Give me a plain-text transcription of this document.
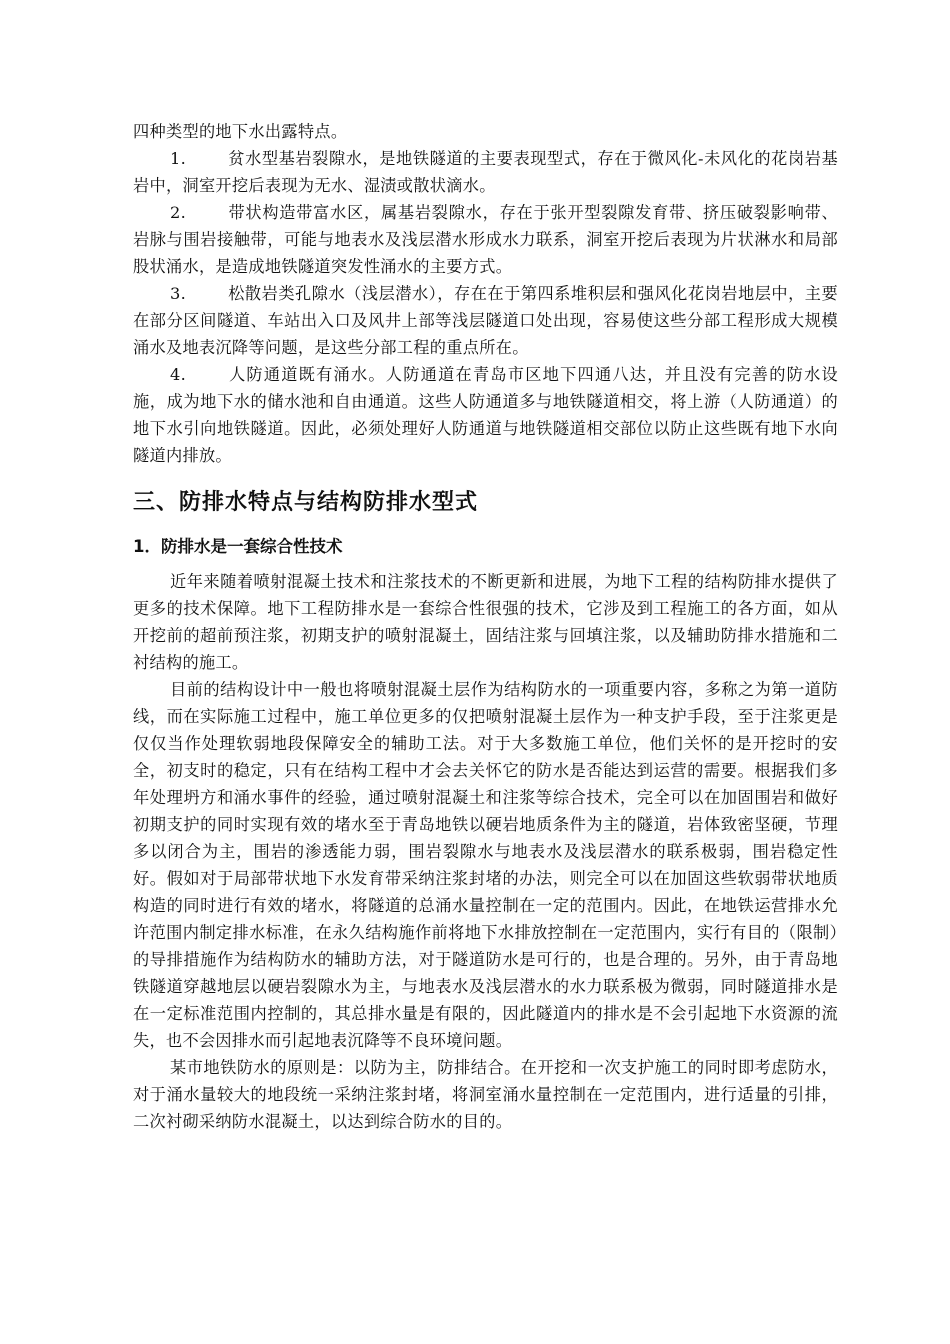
四种类型的地下水出露特点。

1.	贫水型基岩裂隙水，是地铁隧道的主要表现型式，存在于微风化-未风化的花岗岩基岩中，洞室开挖后表现为无水、湿渍或散状滴水。

2.	带状构造带富水区，属基岩裂隙水，存在于张开型裂隙发育带、挤压破裂影响带、岩脉与围岩接触带，可能与地表水及浅层潜水形成水力联系，洞室开挖后表现为片状淋水和局部股状涌水，是造成地铁隧道突发性涌水的主要方式。

3.	松散岩类孔隙水（浅层潜水），存在在于第四系堆积层和强风化花岗岩地层中，主要在部分区间隧道、车站出入口及风井上部等浅层隧道口处出现，容易使这些分部工程形成大规模涌水及地表沉降等问题，是这些分部工程的重点所在。

4.	人防通道既有涌水。人防通道在青岛市区地下四通八达，并且没有完善的防水设施，成为地下水的储水池和自由通道。这些人防通道多与地铁隧道相交，将上游（人防通道）的地下水引向地铁隧道。因此，必须处理好人防通道与地铁隧道相交部位以防止这些既有地下水向隧道内排放。

三、防排水特点与结构防排水型式
1．防排水是一套综合性技术

近年来随着喷射混凝土技术和注浆技术的不断更新和进展，为地下工程的结构防排水提供了更多的技术保障。地下工程防排水是一套综合性很强的技术，它涉及到工程施工的各方面，如从开挖前的超前预注浆，初期支护的喷射混凝土，固结注浆与回填注浆，以及辅助防排水措施和二衬结构的施工。

目前的结构设计中一般也将喷射混凝土层作为结构防水的一项重要内容，多称之为第一道防线，而在实际施工过程中，施工单位更多的仅把喷射混凝土层作为一种支护手段，至于注浆更是仅仅当作处理软弱地段保障安全的辅助工法。对于大多数施工单位，他们关怀的是开挖时的安全，初支时的稳定，只有在结构工程中才会去关怀它的防水是否能达到运营的需要。根据我们多年处理坍方和涌水事件的经验，通过喷射混凝土和注浆等综合技术，完全可以在加固围岩和做好初期支护的同时实现有效的堵水至于青岛地铁以硬岩地质条件为主的隧道，岩体致密坚硬，节理多以闭合为主，围岩的渗透能力弱，围岩裂隙水与地表水及浅层潜水的联系极弱，围岩稳定性好。假如对于局部带状地下水发育带采纳注浆封堵的办法，则完全可以在加固这些软弱带状地质构造的同时进行有效的堵水，将隧道的总涌水量控制在一定的范围内。因此，在地铁运营排水允许范围内制定排水标准，在永久结构施作前将地下水排放控制在一定范围内，实行有目的（限制）的导排措施作为结构防水的辅助方法，对于隧道防水是可行的，也是合理的。另外，由于青岛地铁隧道穿越地层以硬岩裂隙水为主，与地表水及浅层潜水的水力联系极为微弱，同时隧道排水是在一定标准范围内控制的，其总排水量是有限的，因此隧道内的排水是不会引起地下水资源的流失，也不会因排水而引起地表沉降等不良环境问题。

某市地铁防水的原则是：以防为主，防排结合。在开挖和一次支护施工的同时即考虑防水，对于涌水量较大的地段统一采纳注浆封堵，将洞室涌水量控制在一定范围内，进行适量的引排，二次衬砌采纳防水混凝土，以达到综合防水的目的。
